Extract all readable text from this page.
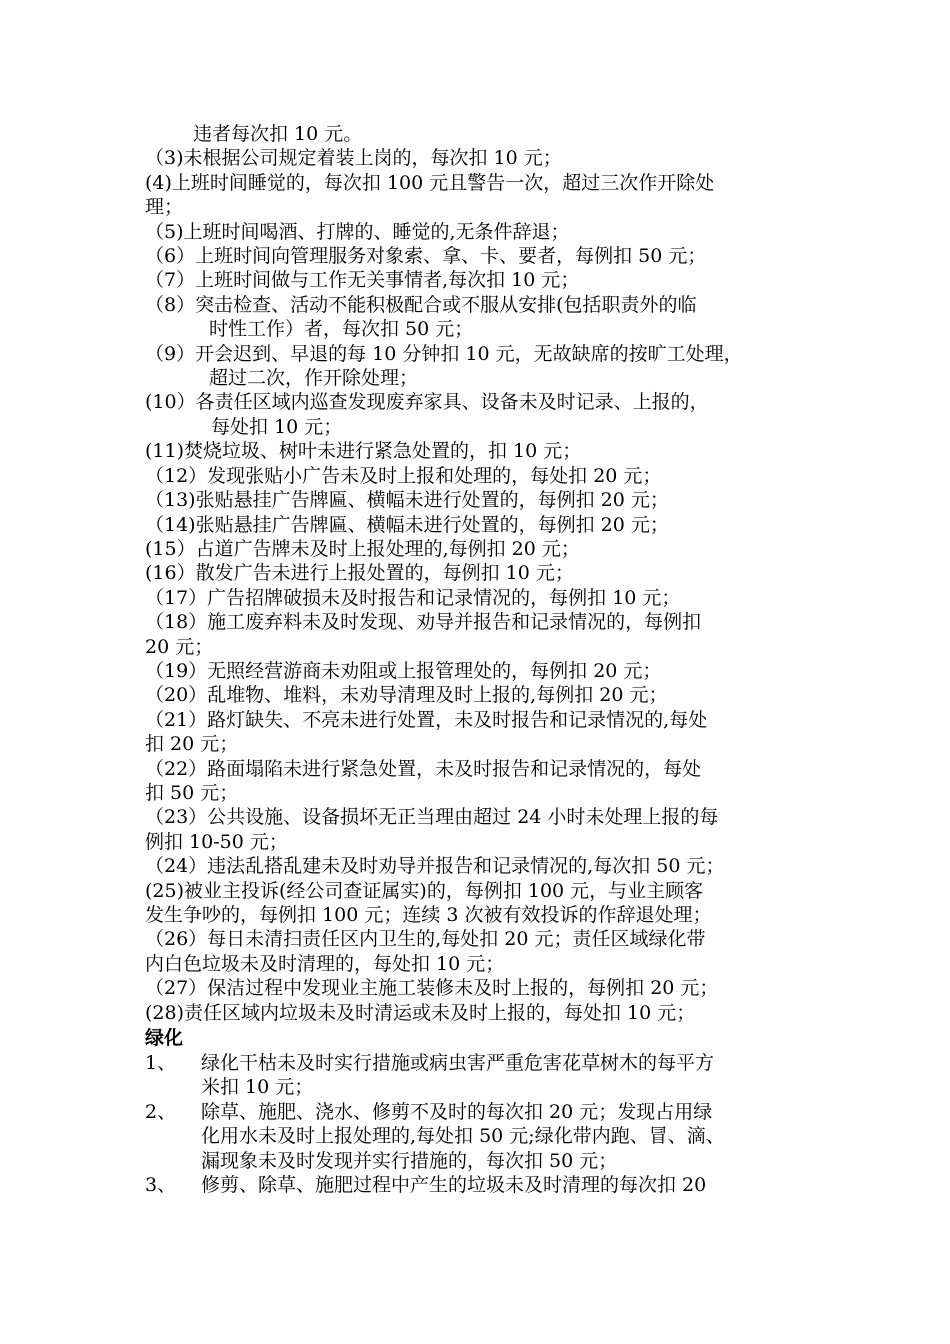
违者每次扣 10 元。
（3)未根据公司规定着装上岗的，每次扣 10 元；
(4)上班时间睡觉的，每次扣 100 元且警告一次，超过三次作开除处
理；
（5)上班时间喝酒、打牌的、睡觉的,无条件辞退；
（6）上班时间向管理服务对象索、拿、卡、要者，每例扣 50 元；
（7）上班时间做与工作无关事情者,每次扣 10 元；
（8）突击检查、活动不能积极配合或不服从安排(包括职责外的临
时性工作）者，每次扣 50 元；
（9）开会迟到、早退的每 10 分钟扣 10 元，无故缺席的按旷工处理，
超过二次，作开除处理；
(10）各责任区域内巡查发现废弃家具、设备未及时记录、上报的，
每处扣 10 元；
(11)焚烧垃圾、树叶未进行紧急处置的，扣 10 元；
（12）发现张贴小广告未及时上报和处理的，每处扣 20 元；
（13)张贴悬挂广告牌匾、横幅未进行处置的，每例扣 20 元；
（14)张贴悬挂广告牌匾、横幅未进行处置的，每例扣 20 元；
(15）占道广告牌未及时上报处理的,每例扣 20 元；
(16）散发广告未进行上报处置的，每例扣 10 元；
（17）广告招牌破损未及时报告和记录情况的，每例扣 10 元；
（18）施工废弃料未及时发现、劝导并报告和记录情况的，每例扣
20 元；
（19）无照经营游商未劝阻或上报管理处的，每例扣 20 元；
（20）乱堆物、堆料，未劝导清理及时上报的,每例扣 20 元；
（21）路灯缺失、不亮未进行处置，未及时报告和记录情况的,每处
扣 20 元；
（22）路面塌陷未进行紧急处置，未及时报告和记录情况的，每处
扣 50 元；
（23）公共设施、设备损坏无正当理由超过 24 小时未处理上报的每
例扣 10-50 元；
（24）违法乱搭乱建未及时劝导并报告和记录情况的,每次扣 50 元；
(25)被业主投诉(经公司查证属实)的，每例扣 100 元，与业主顾客
发生争吵的，每例扣 100 元；连续 3 次被有效投诉的作辞退处理；
（26）每日未清扫责任区内卫生的,每处扣 20 元；责任区域绿化带
内白色垃圾未及时清理的，每处扣 10 元；
（27）保洁过程中发现业主施工装修未及时上报的，每例扣 20 元；
(28)责任区域内垃圾未及时清运或未及时上报的，每处扣 10 元；
绿化
1、	绿化干枯未及时实行措施或病虫害严重危害花草树木的每平方
米扣 10 元；
2、	除草、施肥、浇水、修剪不及时的每次扣 20 元；发现占用绿
化用水未及时上报处理的,每处扣 50 元;绿化带内跑、冒、滴、
漏现象未及时发现并实行措施的，每次扣 50 元；
3、	修剪、除草、施肥过程中产生的垃圾未及时清理的每次扣 20
